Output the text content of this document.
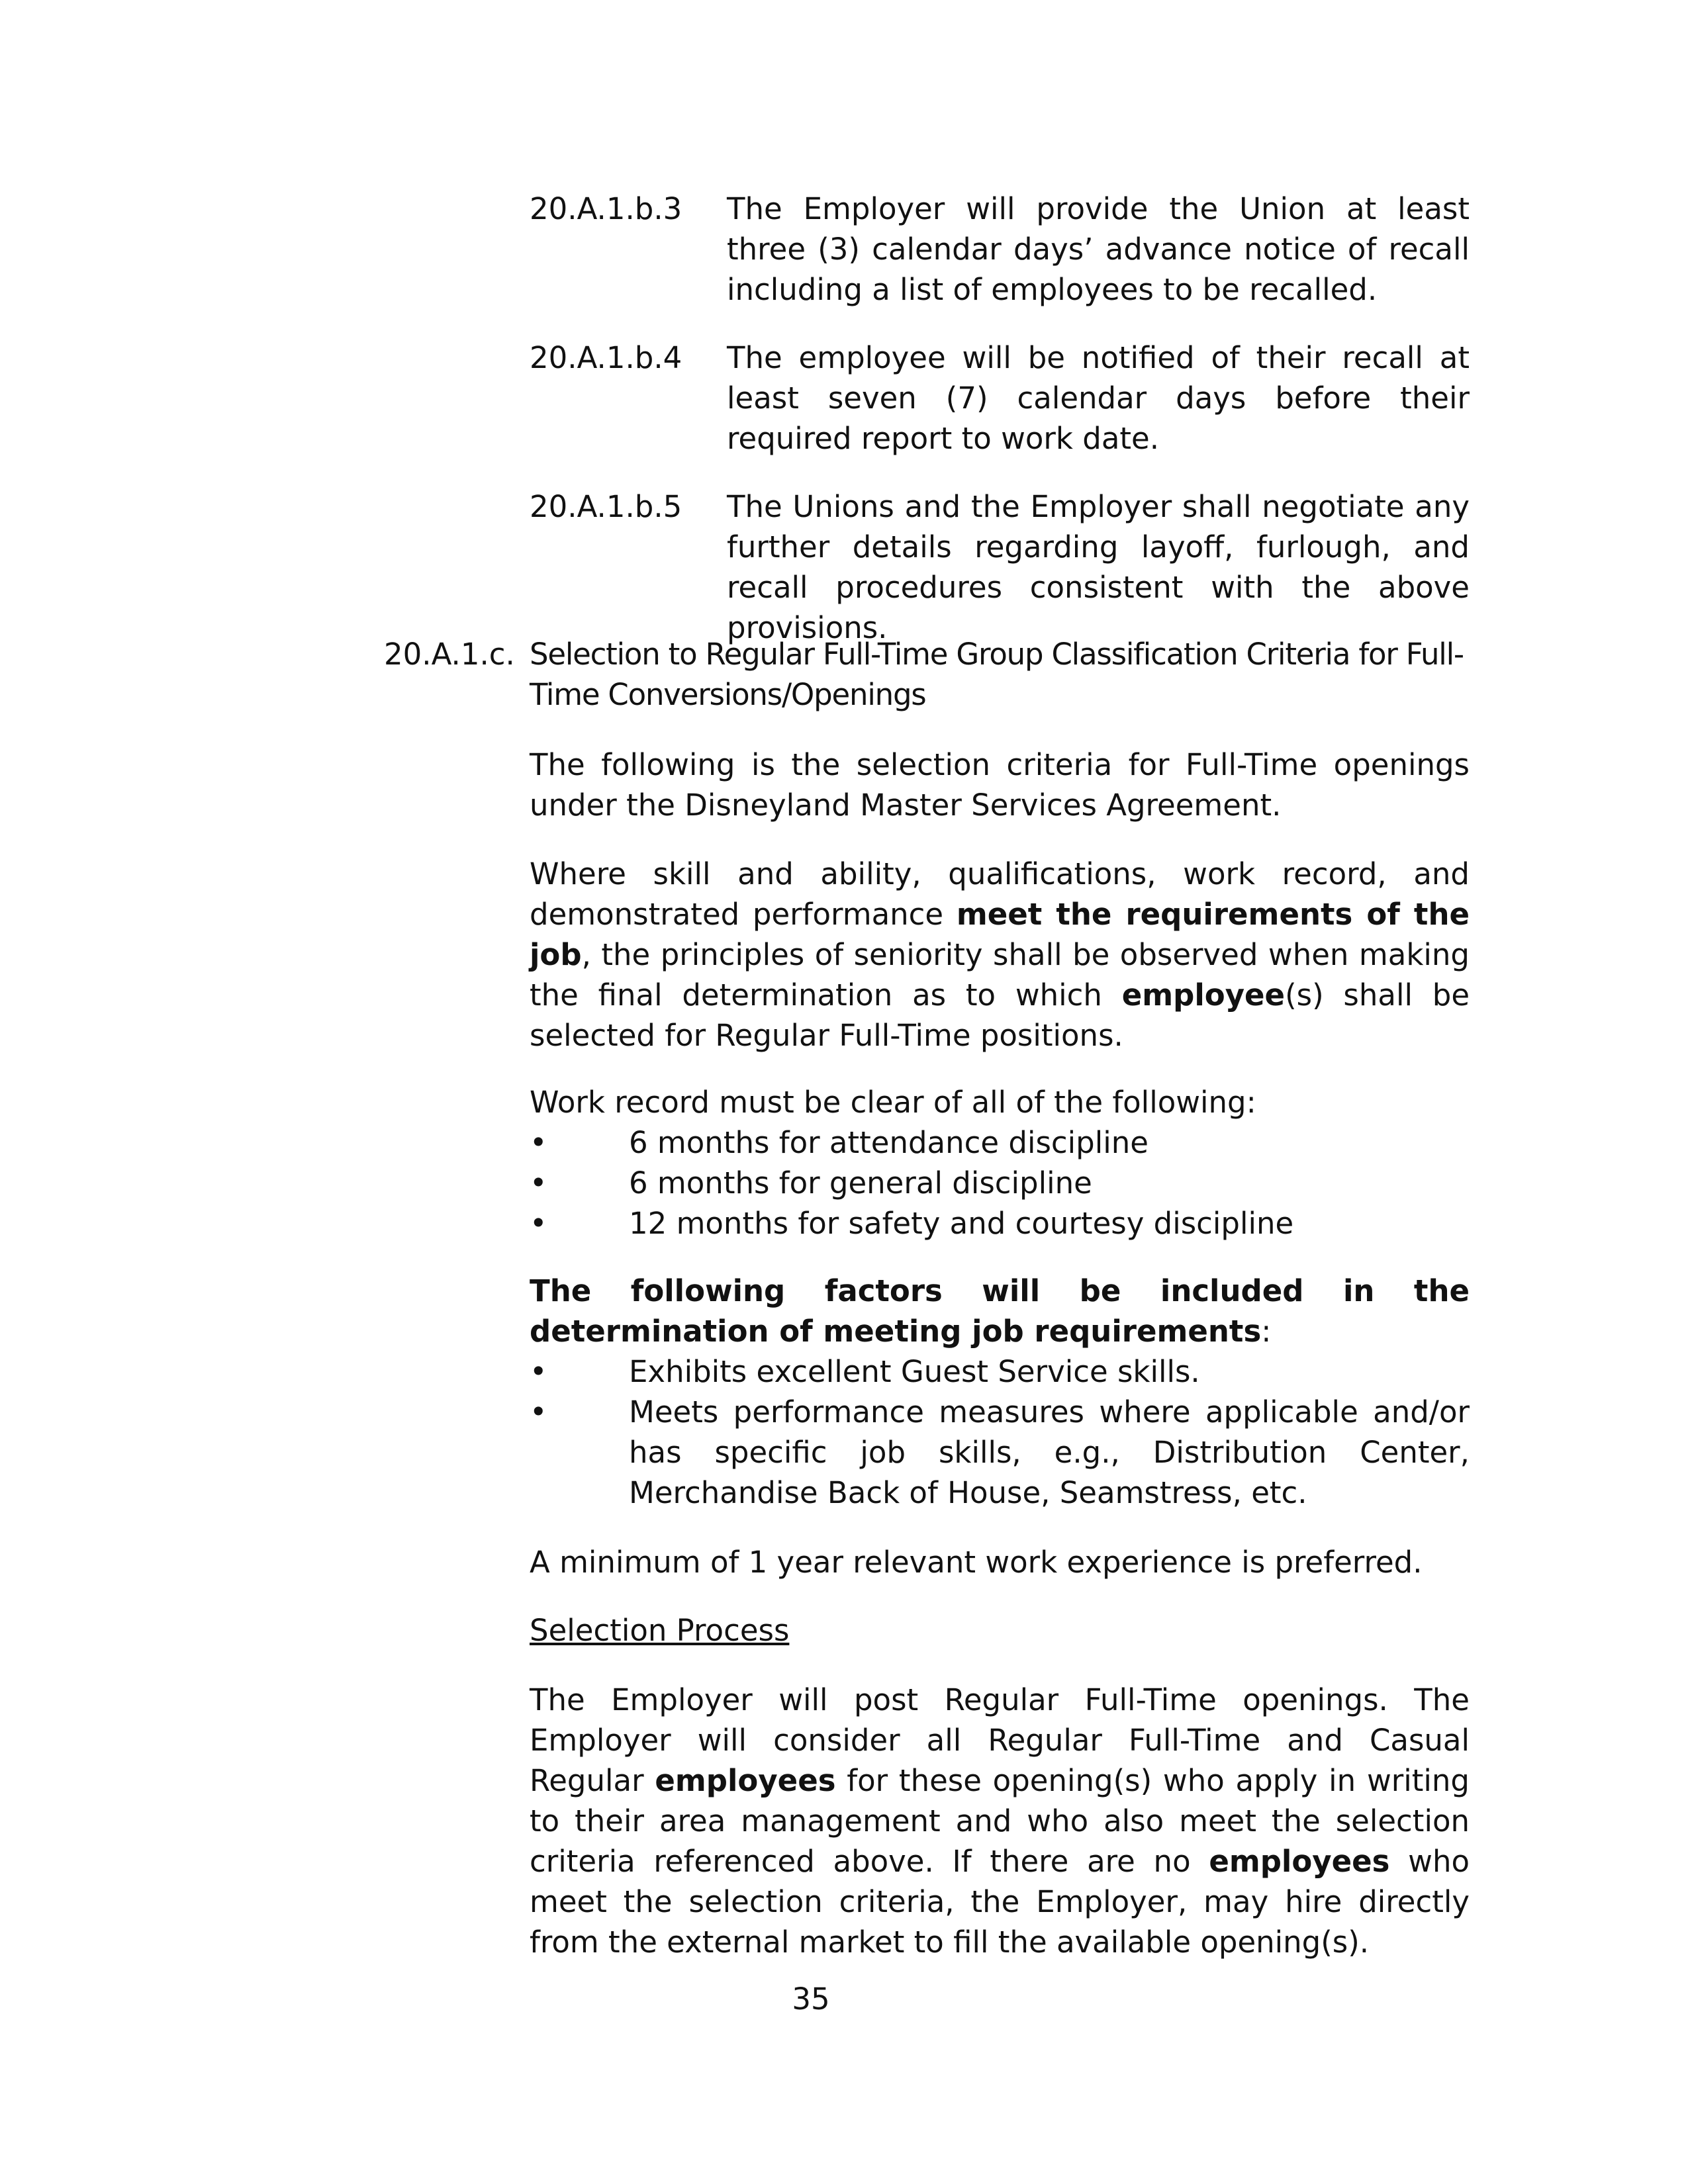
20.A.1.b.3 The Employer will provide the Union at least three (3) calendar days’ advance notice of recall including a list of employees to be recalled.
20.A.1.b.4 The employee will be notified of their recall at least seven (7) calendar days before their required report to work date.
20.A.1.b.5 The Unions and the Employer shall negotiate any further details regarding layoff, furlough, and recall procedures consistent with the above provisions.
20.A.1.c. Selection to Regular Full-Time Group Classification Criteria for Full-Time Conversions/Openings

The following is the selection criteria for Full-Time openings under the Disneyland Master Services Agreement.

Where skill and ability, qualifications, work record, and demonstrated performance meet the requirements of the job, the principles of seniority shall be observed when making the final determination as to which employee(s) shall be selected for Regular Full-Time positions.

Work record must be clear of all of the following:

•	6 months for attendance discipline
•	6 months for general discipline
•	12 months for safety and courtesy discipline

The following factors will be included in the determination of meeting job requirements:

•	Exhibits excellent Guest Service skills.
•	Meets performance measures where applicable and/or has specific job skills, e.g., Distribution Center, Merchandise Back of House, Seamstress, etc.

A minimum of 1 year relevant work experience is preferred.

Selection Process

The Employer will post Regular Full-Time openings. The Employer will consider all Regular Full-Time and Casual Regular employees for these opening(s) who apply in writing to their area management and who also meet the selection criteria referenced above. If there are no employees who meet the selection criteria, the Employer, may hire directly from the external market to fill the available opening(s).

35
